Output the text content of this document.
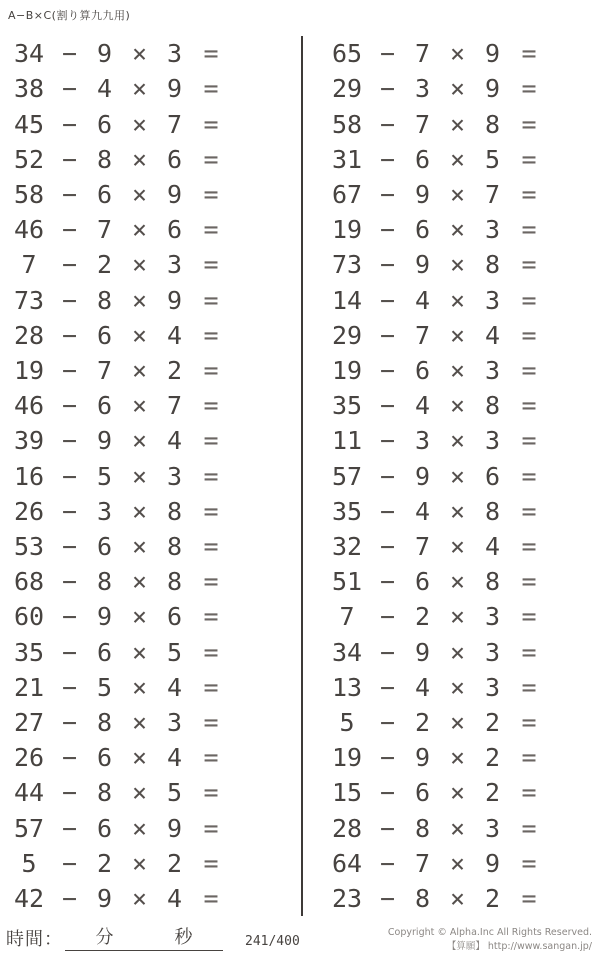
A−B×C(割り算九九用)
34 − 9 × 3 =
38 − 4 × 9 =
45 − 6 × 7 =
52 − 8 × 6 =
58 − 6 × 9 =
46 − 7 × 6 =
7	− 2 × 3 =
73 − 8 × 9 =
28 − 6 × 4 =
19 − 7 × 2 =
46 − 6 × 7 =
39 − 9 × 4 =
16 − 5 × 3 =
26 − 3 × 8 =
53 − 6 × 8 =
68 − 8 × 8 =
60 − 9 × 6 =
35 − 6 × 5 =
21 − 5 × 4 =
27 − 8 × 3 =
26 − 6 × 4 =
44 − 8 × 5 =
57 − 6 × 9 =
5	− 2 × 2 =
42 − 9 × 4 =
65 − 7 × 9 =
29 − 3 × 9 =
58 − 7 × 8 =
31 − 6 × 5 =
67 − 9 × 7 =
19 − 6 × 3 =
73 − 9 × 8 =
14 − 4 × 3 =
29 − 7 × 4 =
19 − 6 × 3 =
35 − 4 × 8 =
11 − 3 × 3 =
57 − 9 × 6 =
35 − 4 × 8 =
32 − 7 × 4 =
51 − 6 × 8 =
7	− 2 × 3 =
34 − 9 × 3 =
13 − 4 × 3 =
5	− 2 × 2 =
19 − 9 × 2 =
15 − 6 × 2 =
28 − 8 × 3 =
64 − 7 × 9 =
23 − 8 × 2 =
時間： 分	秒	241/400
Copyright © Alpha.Inc All Rights Reserved.
【算願】 http://www.sangan.jp/
